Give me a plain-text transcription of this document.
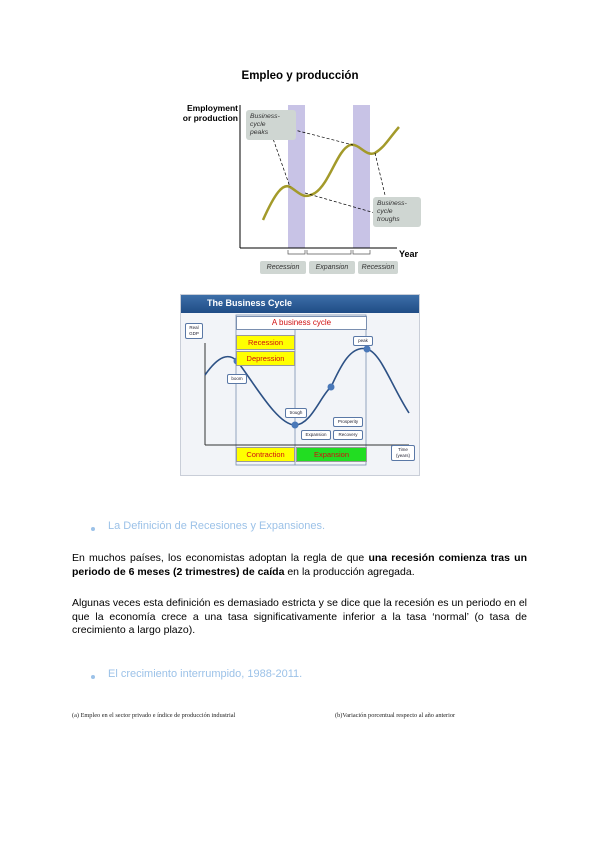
Empleo y producción
Employment
or production Business-
cycle
peaks
Business-
cycle
troughs
Year
Recession	Expansion	Recession
The Business Cycle
A business cycle
Recession
Depression
Contraction	Expansion
Real
GDP
boom
peak
trough
Expansion
Prosperity
Recovery
Time
(years)
La Definición de Recesiones y Expansiones.
En muchos países, los economistas adoptan la regla de que una recesión comienza tras un periodo de 6 meses (2 trimestres) de caída en la producción agregada.
Algunas veces esta definición es demasiado estricta y se dice que la recesión es un periodo en el que la economía crece a una tasa significativamente inferior a la tasa ‘normal’ (o tasa de crecimiento a largo plazo).
El crecimiento interrumpido, 1988-2011.
(a) Empleo en el sector privado e índice de producción industrial	(b)Variación porcentual respecto al año anterior
